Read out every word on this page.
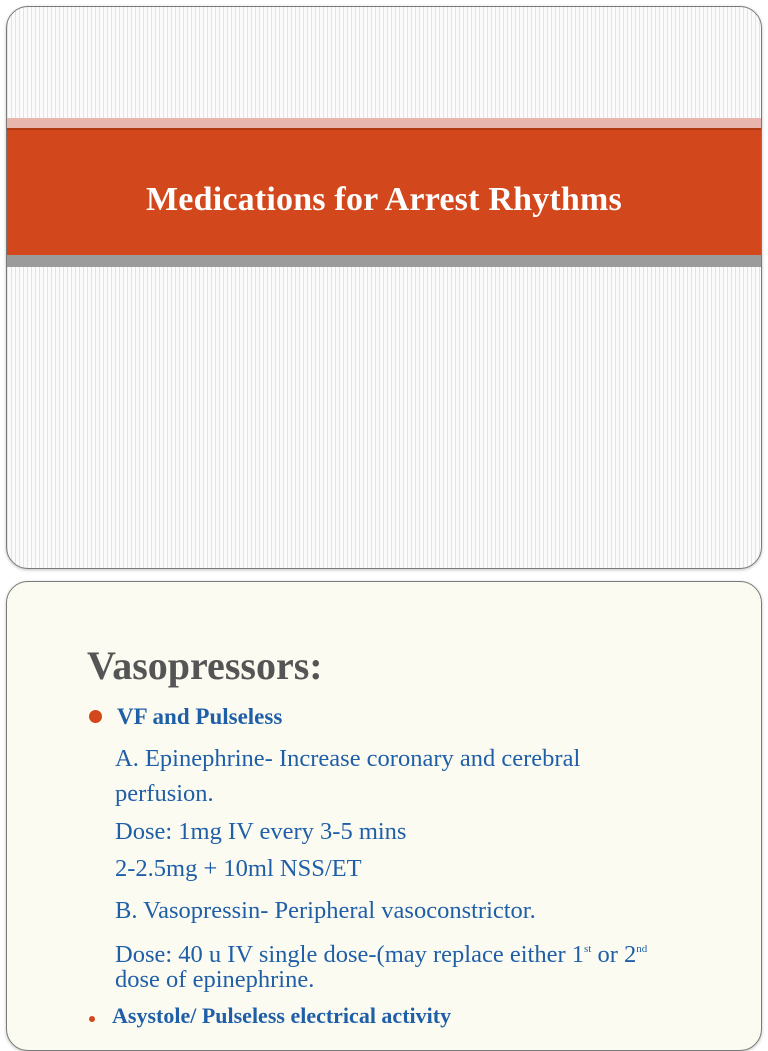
Medications for Arrest Rhythms
Vasopressors:
VF and Pulseless

A. Epinephrine- Increase coronary and cerebral

perfusion.

Dose: 1mg IV every 3-5 mins

2-2.5mg + 10ml NSS/ET

B. Vasopressin- Peripheral vasoconstrictor.

Dose: 40 u IV single dose-(may replace either 1st or 2nd

dose of epinephrine.

Asystole/ Pulseless electrical activity
